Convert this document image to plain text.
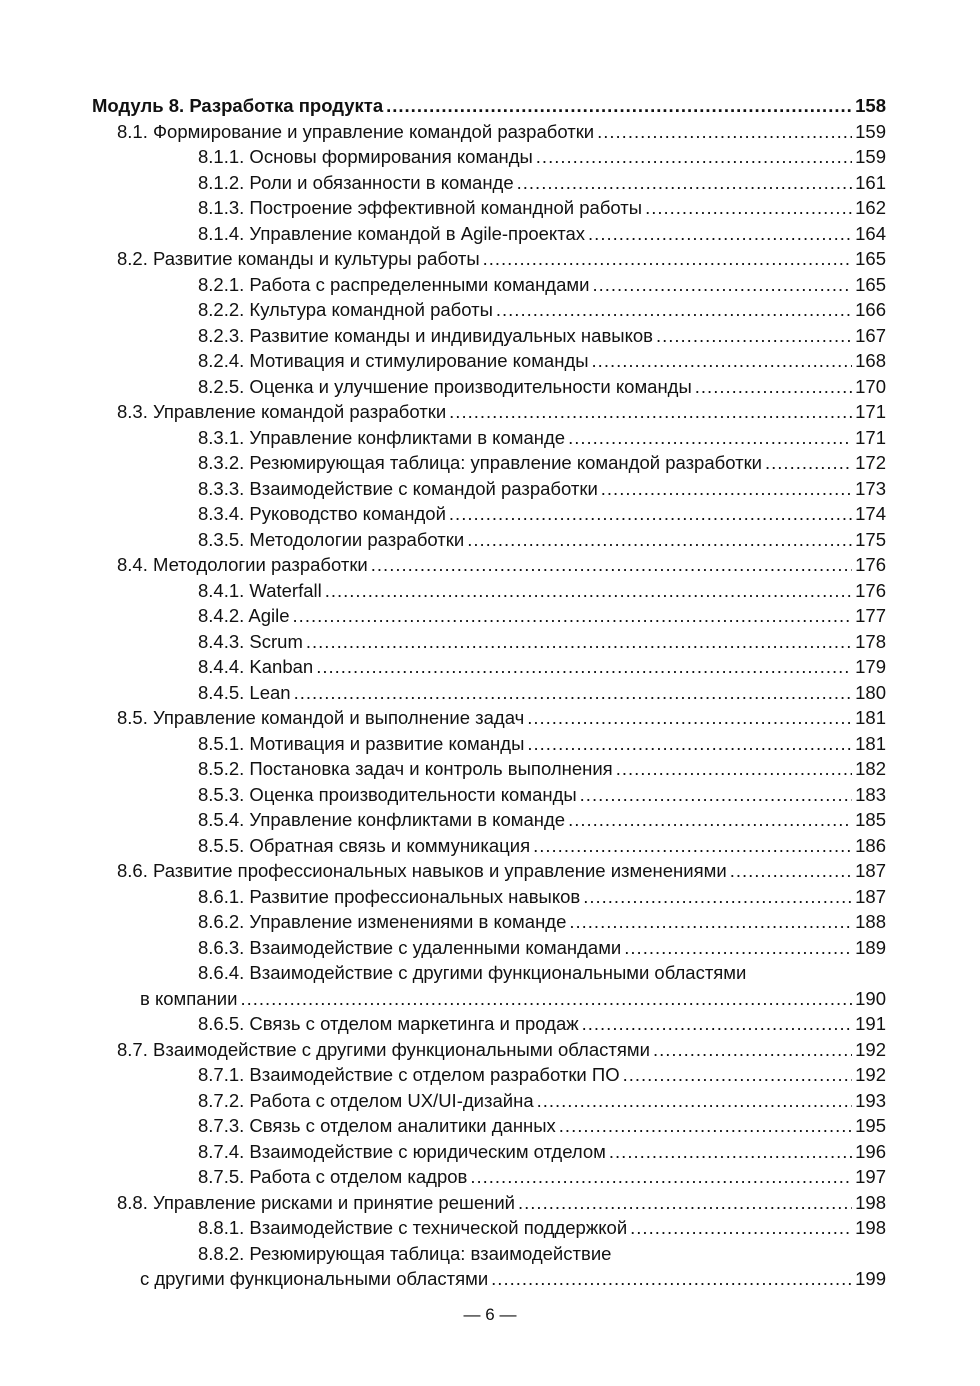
Модуль 8. Разработка продукта .....	158
8.1. Формирование и управление командой разработки .....	159
8.1.1. Основы формирования команды .....	159
8.1.2. Роли и обязанности в команде .....	161
8.1.3. Построение эффективной командной работы .....	162
8.1.4. Управление командой в Agile-проектах .....	164
8.2. Развитие команды и культуры работы .....	165
8.2.1. Работа с распределенными командами .....	165
8.2.2. Культура командной работы .....	166
8.2.3. Развитие команды и индивидуальных навыков .....	167
8.2.4. Мотивация и стимулирование команды .....	168
8.2.5. Оценка и улучшение производительности команды .....	170
8.3. Управление командой разработки .....	171
8.3.1. Управление конфликтами в команде .....	171
8.3.2. Резюмирующая таблица: управление командой разработки .....	172
8.3.3. Взаимодействие с командой разработки .....	173
8.3.4. Руководство командой .....	174
8.3.5. Методологии разработки .....	175
8.4. Методологии разработки .....	176
8.4.1. Waterfall .....	176
8.4.2. Agile .....	177
8.4.3. Scrum .....	178
8.4.4. Kanban .....	179
8.4.5. Lean .....	180
8.5. Управление командой и выполнение задач .....	181
8.5.1. Мотивация и развитие команды .....	181
8.5.2. Постановка задач и контроль выполнения .....	182
8.5.3. Оценка производительности команды .....	183
8.5.4. Управление конфликтами в команде .....	185
8.5.5. Обратная связь и коммуникация .....	186
8.6. Развитие профессиональных навыков и управление изменениями .....	187
8.6.1. Развитие профессиональных навыков .....	187
8.6.2. Управление изменениями в команде .....	188
8.6.3. Взаимодействие с удаленными командами .....	189
8.6.4. Взаимодействие с другими функциональными областями
в компании .....	190
8.6.5. Связь с отделом маркетинга и продаж .....	191
8.7. Взаимодействие с другими функциональными областями .....	192
8.7.1. Взаимодействие с отделом разработки ПО .....	192
8.7.2. Работа с отделом UX/UI-дизайна .....	193
8.7.3. Связь с отделом аналитики данных .....	195
8.7.4. Взаимодействие с юридическим отделом .....	196
8.7.5. Работа с отделом кадров .....	197
8.8. Управление рисками и принятие решений .....	198
8.8.1. Взаимодействие с технической поддержкой .....	198
8.8.2. Резюмирующая таблица: взаимодействие
с другими функциональными областями .....	199
— 6 —
